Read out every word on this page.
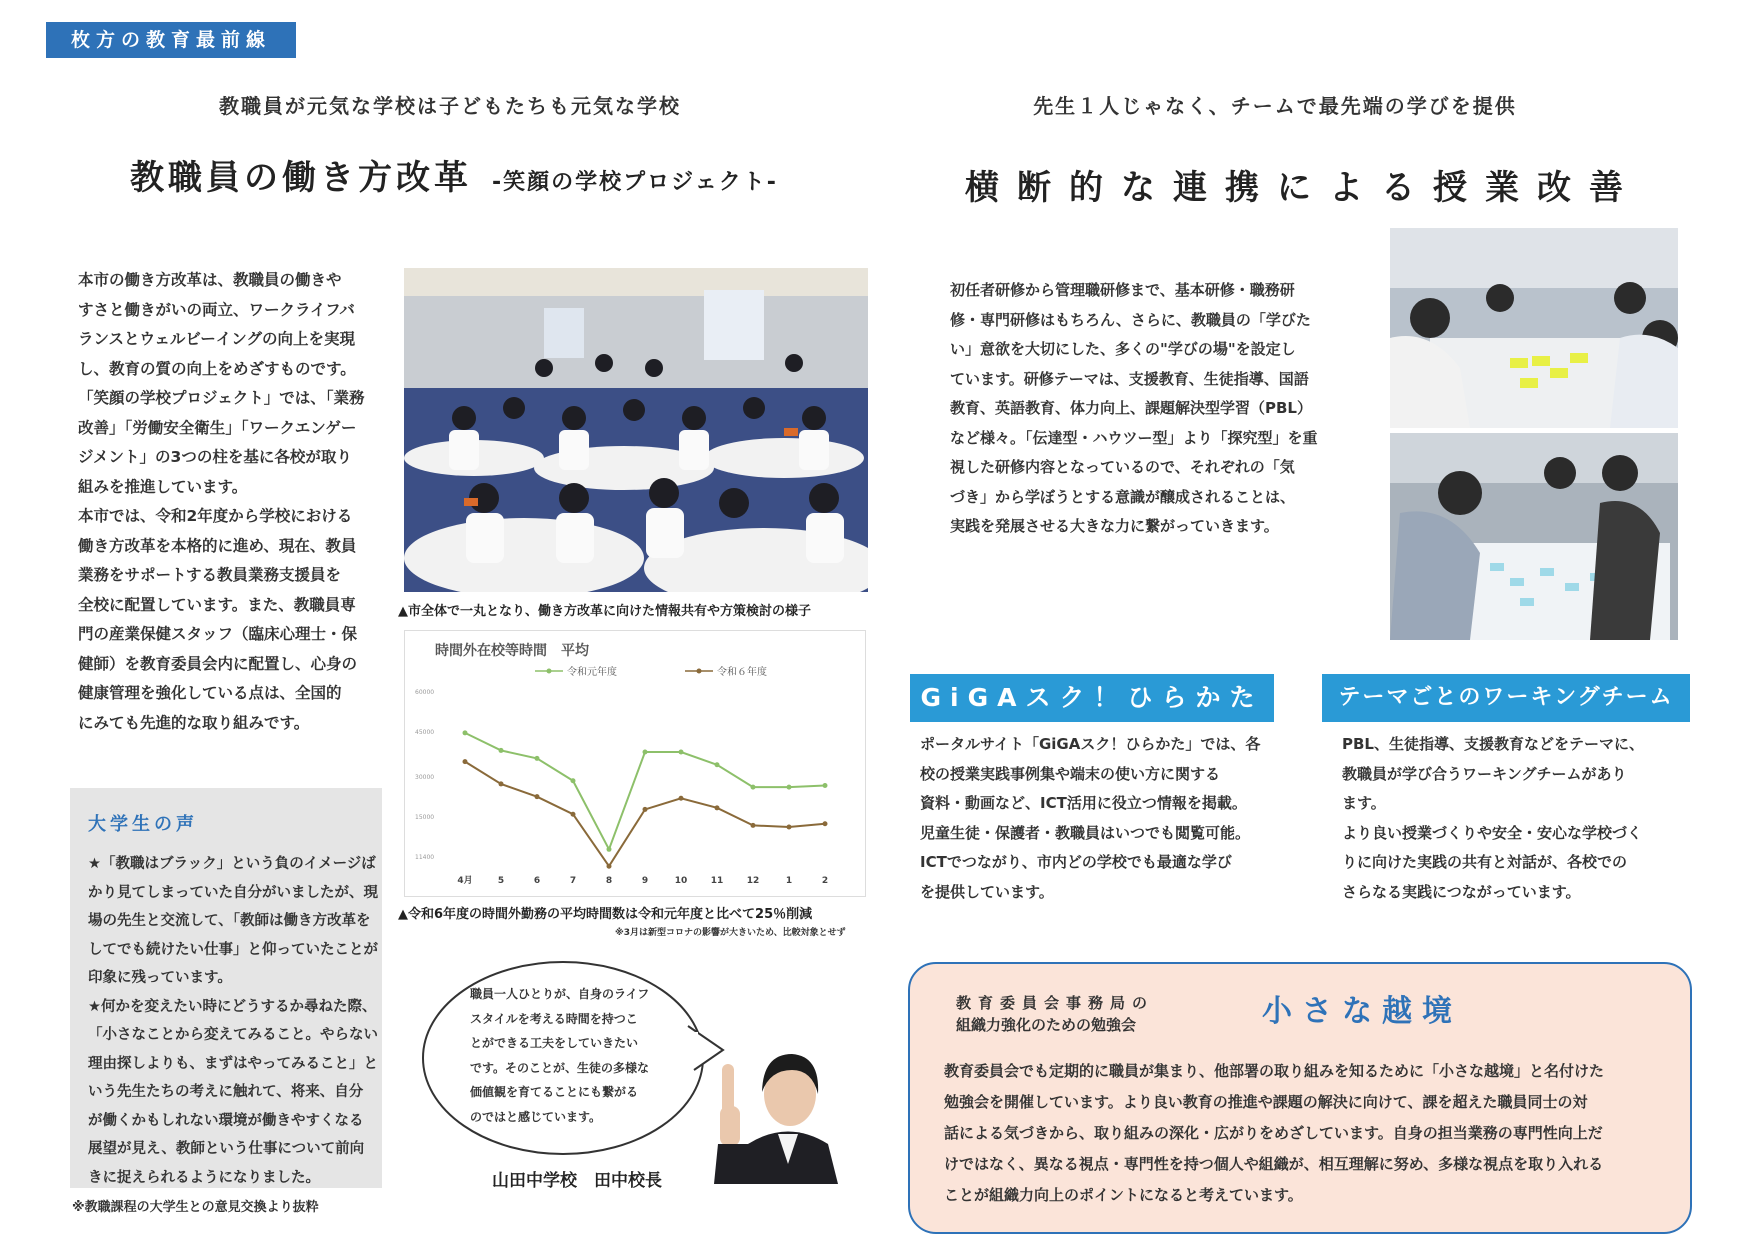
枚方の教育最前線
教職員が元気な学校は子どもたちも元気な学校
教職員の働き方改革 -笑顔の学校プロジェクト-
本市の働き方改革は、教職員の働きや
すさと働きがいの両立、ワークライフバ
ランスとウェルビーイングの向上を実現
し、教育の質の向上をめざすものです。
「笑顔の学校プロジェクト」では、「業務
改善」「労働安全衛生」「ワークエンゲー
ジメント」の3つの柱を基に各校が取り
組みを推進しています。
本市では、令和2年度から学校における
働き方改革を本格的に進め、現在、教員
業務をサポートする教員業務支援員を
全校に配置しています。また、教職員専
門の産業保健スタッフ（臨床心理士・保
健師）を教育委員会内に配置し、心身の
健康管理を強化している点は、全国的
にみても先進的な取り組みです。
▲市全体で一丸となり、働き方改革に向けた情報共有や方策検討の様子
時間外在校等時間　平均
令和元年度	令和６年度
60000
45000
30000
15000
11400
4月	5	6	7	8	9	10	11	12	1	2
▲令和6年度の時間外勤務の平均時間数は令和元年度と比べて25％削減
※3月は新型コロナの影響が大きいため、比較対象とせず
大学生の声
★「教職はブラック」という負のイメージば
かり見てしまっていた自分がいましたが、現
場の先生と交流して、「教師は働き方改革を
してでも続けたい仕事」と仰っていたことが
印象に残っています。
★何かを変えたい時にどうするか尋ねた際、
「小さなことから変えてみること。やらない
理由探しよりも、まずはやってみること」と
いう先生たちの考えに触れて、将来、自分
が働くかもしれない環境が働きやすくなる
展望が見え、教師という仕事について前向
きに捉えられるようになりました。
※教職課程の大学生との意見交換より抜粋
職員一人ひとりが、自身のライフ
スタイルを考える時間を持つこ
とができる工夫をしていきたい
です。そのことが、生徒の多様な
価値観を育てることにも繋がる
のではと感じています。
山田中学校　田中校長
先生１人じゃなく、チームで最先端の学びを提供
横断的な連携による授業改善
初任者研修から管理職研修まで、基本研修・職務研
修・専門研修はもちろん、さらに、教職員の「学びた
い」意欲を大切にした、多くの"学びの場"を設定し
ています。研修テーマは、支援教育、生徒指導、国語
教育、英語教育、体力向上、課題解決型学習（PBL）
など様々。「伝達型・ハウツー型」より「探究型」を重
視した研修内容となっているので、それぞれの「気
づき」から学ぼうとする意識が醸成されることは、
実践を発展させる大きな力に繋がっていきます。
GiGAスク！ひらかた
ポータルサイト「GiGAスク！ひらかた」では、各
校の授業実践事例集や端末の使い方に関する
資料・動画など、ICT活用に役立つ情報を掲載。
児童生徒・保護者・教職員はいつでも閲覧可能。
ICTでつながり、市内どの学校でも最適な学び
を提供しています。
テーマごとのワーキングチーム
PBL、生徒指導、支援教育などをテーマに、
教職員が学び合うワーキングチームがあり
ます。
より良い授業づくりや安全・安心な学校づく
りに向けた実践の共有と対話が、各校での
さらなる実践につながっています。
教育委員会事務局の
組織力強化のための勉強会	小さな越境
教育委員会でも定期的に職員が集まり、他部署の取り組みを知るために「小さな越境」と名付けた
勉強会を開催しています。より良い教育の推進や課題の解決に向けて、課を超えた職員同士の対
話による気づきから、取り組みの深化・広がりをめざしています。自身の担当業務の専門性向上だ
けではなく、異なる視点・専門性を持つ個人や組織が、相互理解に努め、多様な視点を取り入れる
ことが組織力向上のポイントになると考えています。
